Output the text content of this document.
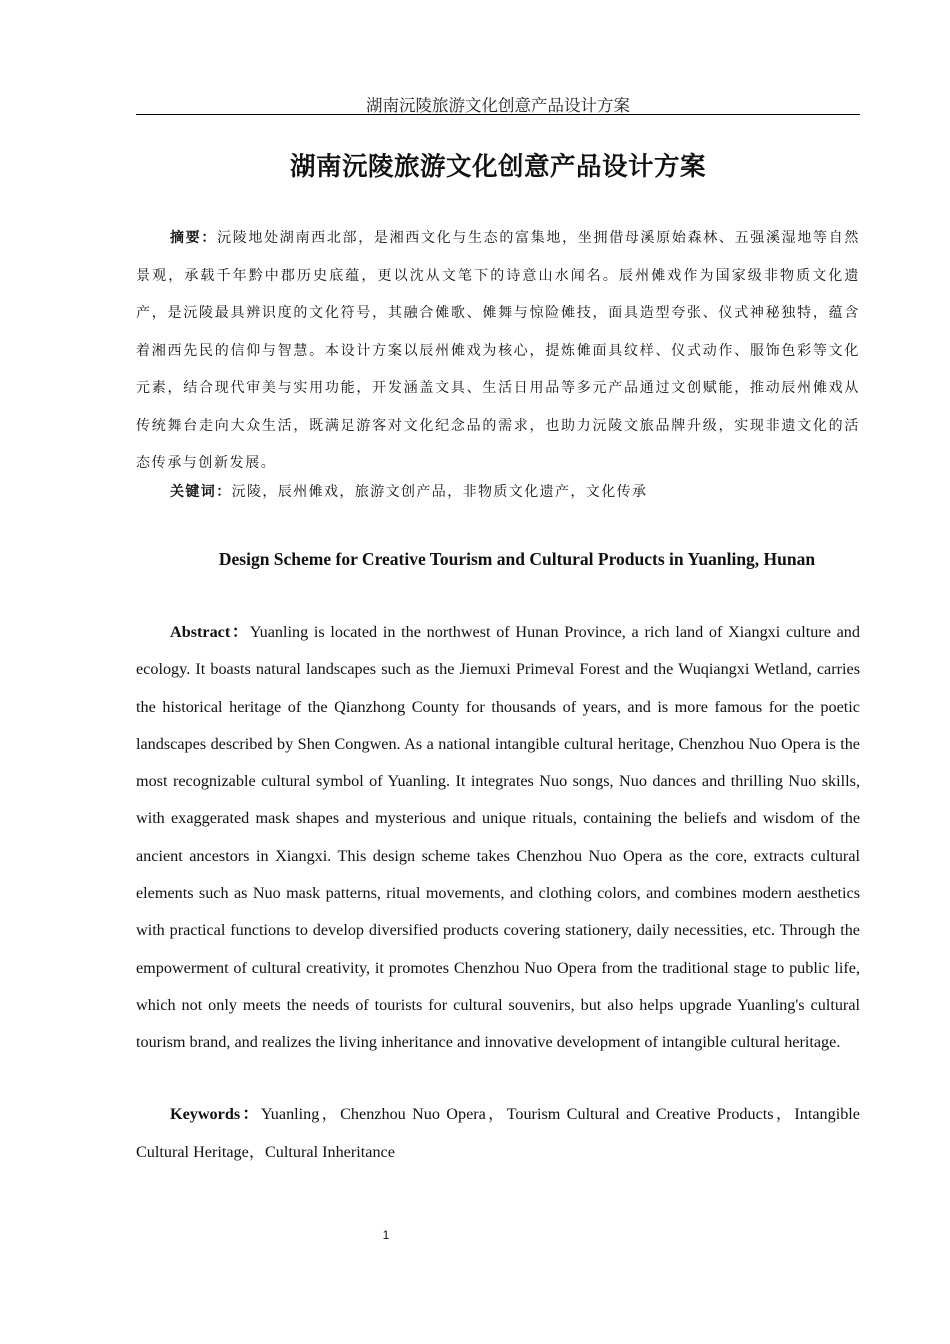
湖南沅陵旅游文化创意产品设计方案
湖南沅陵旅游文化创意产品设计方案

摘要：沅陵地处湖南西北部，是湘西文化与生态的富集地，坐拥借母溪原始森林、五强溪湿地等自然景观，承载千年黔中郡历史底蕴，更以沈从文笔下的诗意山水闻名。辰州傩戏作为国家级非物质文化遗产，是沅陵最具辨识度的文化符号，其融合傩歌、傩舞与惊险傩技，面具造型夸张、仪式神秘独特，蕴含着湘西先民的信仰与智慧。本设计方案以辰州傩戏为核心，提炼傩面具纹样、仪式动作、服饰色彩等文化元素，结合现代审美与实用功能，开发涵盖文具、生活日用品等多元产品通过文创赋能，推动辰州傩戏从传统舞台走向大众生活，既满足游客对文化纪念品的需求，也助力沅陵文旅品牌升级，实现非遗文化的活态传承与创新发展。

关键词：沅陵，辰州傩戏，旅游文创产品，非物质文化遗产，文化传承

Design Scheme for Creative Tourism and Cultural Products in Yuanling, Hunan

Abstract：Yuanling is located in the northwest of Hunan Province, a rich land of Xiangxi culture and ecology. It boasts natural landscapes such as the Jiemuxi Primeval Forest and the Wuqiangxi Wetland, carries the historical heritage of the Qianzhong County for thousands of years, and is more famous for the poetic landscapes described by Shen Congwen. As a national intangible cultural heritage, Chenzhou Nuo Opera is the most recognizable cultural symbol of Yuanling. It integrates Nuo songs, Nuo dances and thrilling Nuo skills, with exaggerated mask shapes and mysterious and unique rituals, containing the beliefs and wisdom of the ancient ancestors in Xiangxi. This design scheme takes Chenzhou Nuo Opera as the core, extracts cultural elements such as Nuo mask patterns, ritual movements, and clothing colors, and combines modern aesthetics with practical functions to develop diversified products covering stationery, daily necessities, etc. Through the empowerment of cultural creativity, it promotes Chenzhou Nuo Opera from the traditional stage to public life, which not only meets the needs of tourists for cultural souvenirs, but also helps upgrade Yuanling's cultural tourism brand, and realizes the living inheritance and innovative development of intangible cultural heritage.

Keywords：Yuanling，Chenzhou Nuo Opera，Tourism Cultural and Creative Products，Intangible Cultural Heritage，Cultural Inheritance

1
